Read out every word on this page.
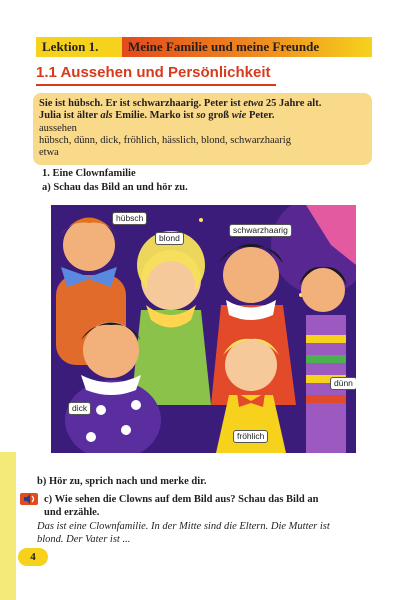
Lektion 1. Meine Familie und meine Freunde
1.1 Aussehen und Persönlichkeit

Sie ist hübsch. Er ist schwarzhaarig. Peter ist etwa 25 Jahre alt.

Julia ist älter als Emilie. Marko ist so groß wie Peter.

aussehen

hübsch, dünn, dick, fröhlich, hässlich, blond, schwarzhaarig

etwa

1. Eine Clownfamilie
a) Schau das Bild an und hör zu.
hübsch
blond
schwarzhaarig
dünn
dick
fröhlich
b) Hör zu, sprich nach und merke dir.
c) Wie sehen die Clowns auf dem Bild aus? Schau das Bild an
und erzähle.
Das ist eine Clownfamilie. In der Mitte sind die Eltern. Die Mutter ist
blond. Der Vater ist ...
4
